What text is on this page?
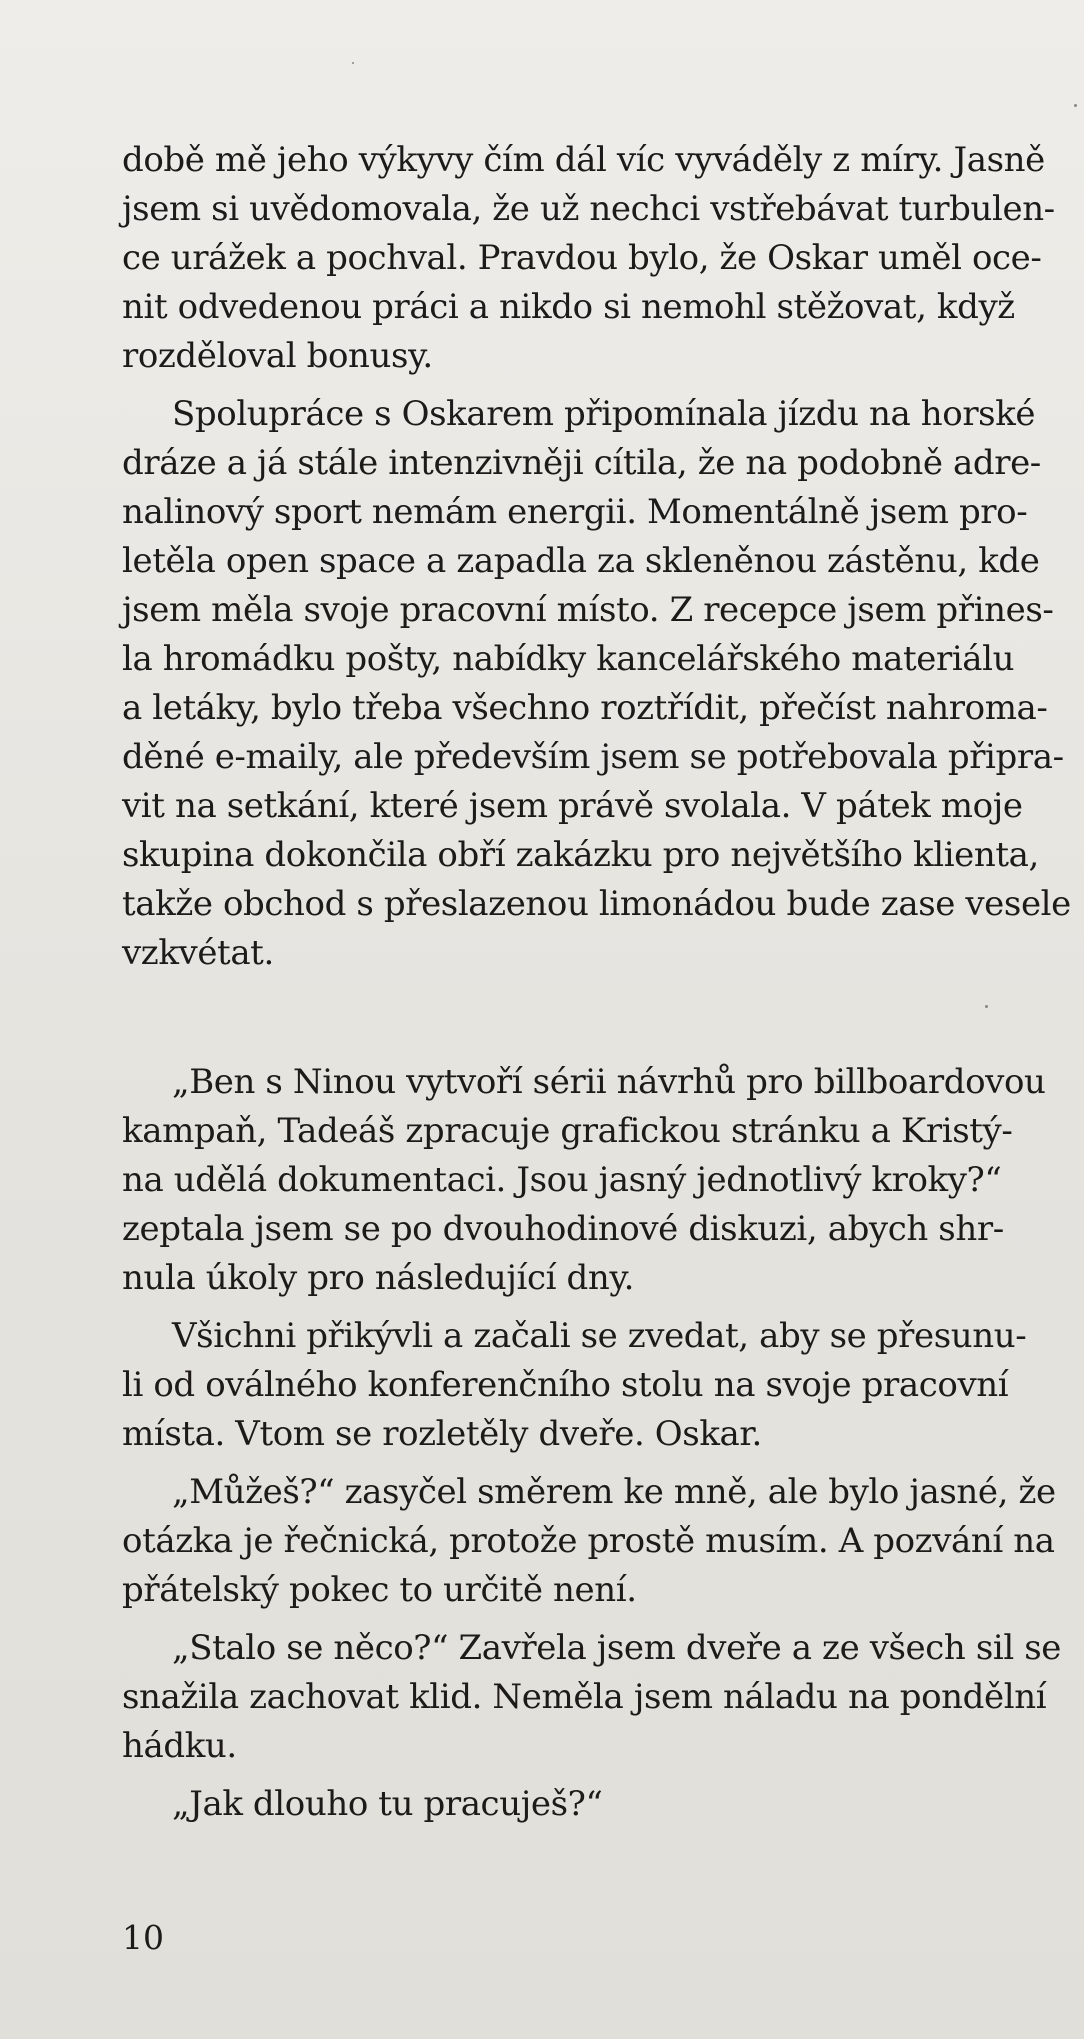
době mě jeho výkyvy čím dál víc vyváděly z míry. Jasně
jsem si uvědomovala, že už nechci vstřebávat turbulen-
ce urážek a pochval. Pravdou bylo, že Oskar uměl oce-
nit odvedenou práci a nikdo si nemohl stěžovat, když
rozděloval bonusy.
Spolupráce s Oskarem připomínala jízdu na horské
dráze a já stále intenzivněji cítila, že na podobně adre-
nalinový sport nemám energii. Momentálně jsem pro-
letěla open space a zapadla za skleněnou zástěnu, kde
jsem měla svoje pracovní místo. Z recepce jsem přines-
la hromádku pošty, nabídky kancelářského materiálu
a letáky, bylo třeba všechno roztřídit, přečíst nahroma-
děné e-maily, ale především jsem se potřebovala připra-
vit na setkání, které jsem právě svolala. V pátek moje
skupina dokončila obří zakázku pro největšího klienta,
takže obchod s přeslazenou limonádou bude zase vesele
vzkvétat.
„Ben s Ninou vytvoří sérii návrhů pro billboardovou
kampaň, Tadeáš zpracuje grafickou stránku a Kristý-
na udělá dokumentaci. Jsou jasný jednotlivý kroky?“
zeptala jsem se po dvouhodinové diskuzi, abych shr-
nula úkoly pro následující dny.
Všichni přikývli a začali se zvedat, aby se přesunu-
li od oválného konferenčního stolu na svoje pracovní
místa. Vtom se rozletěly dveře. Oskar.
„Můžeš?“ zasyčel směrem ke mně, ale bylo jasné, že
otázka je řečnická, protože prostě musím. A pozvání na
přátelský pokec to určitě není.
„Stalo se něco?“ Zavřela jsem dveře a ze všech sil se
snažila zachovat klid. Neměla jsem náladu na pondělní
hádku.
„Jak dlouho tu pracuješ?“
10
